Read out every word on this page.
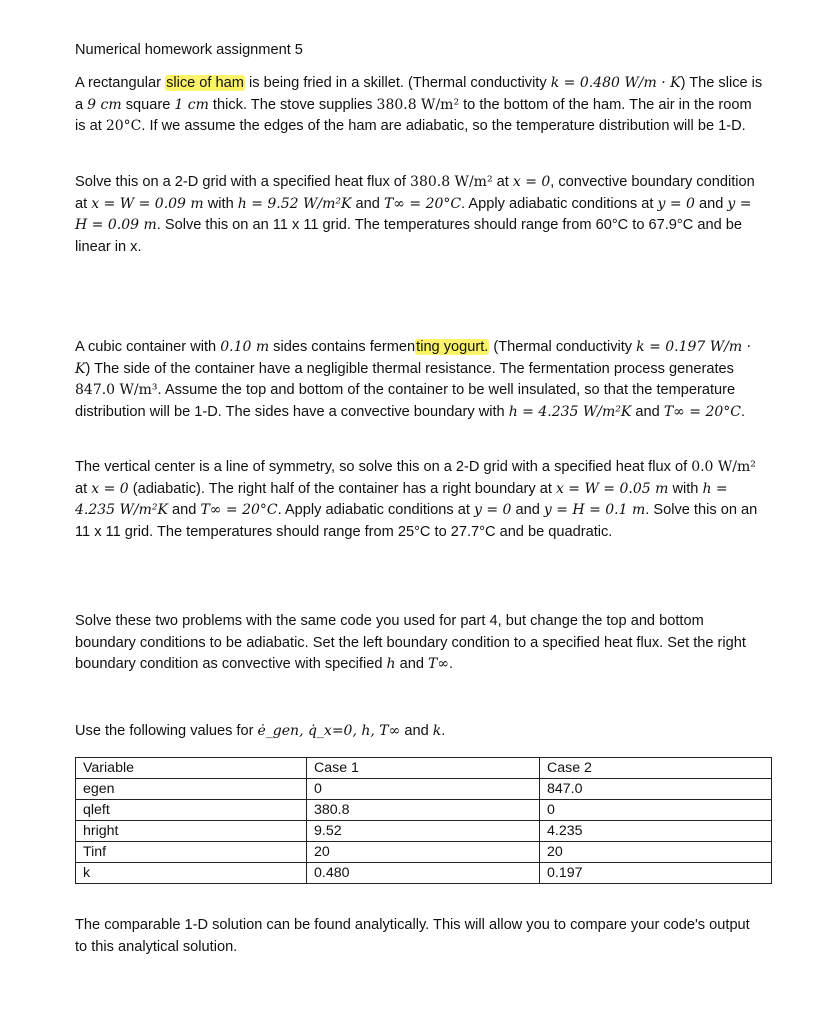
Numerical homework assignment 5

A rectangular slice of ham is being fried in a skillet. (Thermal conductivity k = 0.480 W/m · K) The slice is a 9 cm square 1 cm thick. The stove supplies 380.8 W/m² to the bottom of the ham. The air in the room is at 20°C. If we assume the edges of the ham are adiabatic, so the temperature distribution will be 1-D.

Solve this on a 2-D grid with a specified heat flux of 380.8 W/m² at x = 0, convective boundary condition at x = W = 0.09 m with h = 9.52 W/m²K and T∞ = 20°C. Apply adiabatic conditions at y = 0 and y = H = 0.09 m. Solve this on an 11 x 11 grid. The temperatures should range from 60°C to 67.9°C and be linear in x.

A cubic container with 0.10 m sides contains fermenting yogurt. (Thermal conductivity k = 0.197 W/m · K) The side of the container have a negligible thermal resistance. The fermentation process generates 847.0 W/m³. Assume the top and bottom of the container to be well insulated, so that the temperature distribution will be 1-D. The sides have a convective boundary with h = 4.235 W/m²K and T∞ = 20°C.

The vertical center is a line of symmetry, so solve this on a 2-D grid with a specified heat flux of 0.0 W/m² at x = 0 (adiabatic). The right half of the container has a right boundary at x = W = 0.05 m with h = 4.235 W/m²K and T∞ = 20°C. Apply adiabatic conditions at y = 0 and y = H = 0.1 m. Solve this on an 11 x 11 grid. The temperatures should range from 25°C to 27.7°C and be quadratic.

Solve these two problems with the same code you used for part 4, but change the top and bottom boundary conditions to be adiabatic. Set the left boundary condition to a specified heat flux. Set the right boundary condition as convective with specified h and T∞.

Use the following values for ė_gen, q̇_x=0, h, T∞ and k.

Variable	Case 1	Case 2
egen	0	847.0
qleft	380.8	0
hright	9.52	4.235
Tinf	20	20
k	0.480	0.197

The comparable 1-D solution can be found analytically. This will allow you to compare your code's output to this analytical solution.
